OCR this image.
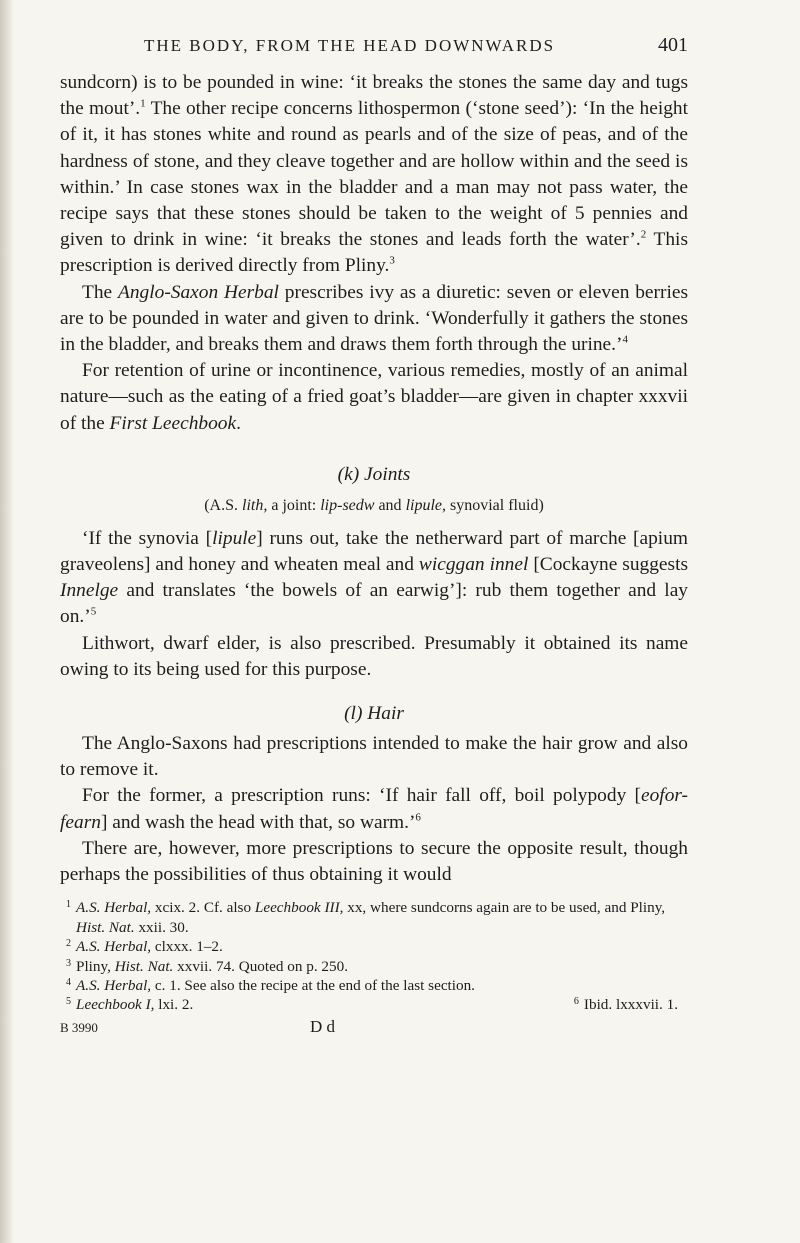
THE BODY, FROM THE HEAD DOWNWARDS	401

sundcorn) is to be pounded in wine: ‘it breaks the stones the same day and tugs the mout’.$^1$ The other recipe concerns lithospermon (‘stone seed’): ‘In the height of it, it has stones white and round as pearls and of the size of peas, and of the hardness of stone, and they cleave together and are hollow within and the seed is within.’ In case stones wax in the bladder and a man may not pass water, the recipe says that these stones should be taken to the weight of 5 pennies and given to drink in wine: ‘it breaks the stones and leads forth the water’.$^2$ This prescription is derived directly from Pliny.$^3$

The Anglo-Saxon Herbal prescribes ivy as a diuretic: seven or eleven berries are to be pounded in water and given to drink. ‘Wonderfully it gathers the stones in the bladder, and breaks them and draws them forth through the urine.’$^4$

For retention of urine or incontinence, various remedies, mostly of an animal nature—such as the eating of a fried goat’s bladder—are given in chapter xxxvii of the First Leechbook.

(k) Joints
(A.S. lith, a joint: lip-sedw and lipule, synovial fluid)

‘If the synovia [lipule] runs out, take the netherward part of marche [apium graveolens] and honey and wheaten meal and wicggan innel [Cockayne suggests Innelge and translates ‘the bowels of an earwig’]: rub them together and lay on.’$^5$

Lithwort, dwarf elder, is also prescribed. Presumably it obtained its name owing to its being used for this purpose.

(l) Hair

The Anglo-Saxons had prescriptions intended to make the hair grow and also to remove it.

For the former, a prescription runs: ‘If hair fall off, boil polypody [eofor-fearn] and wash the head with that, so warm.’$^6$

There are, however, more prescriptions to secure the opposite result, though perhaps the possibilities of thus obtaining it would

1 A.S. Herbal, xcix. 2. Cf. also Leechbook III, xx, where sundcorns again are to be used, and Pliny, Hist. Nat. xxii. 30.
2 A.S. Herbal, clxxx. 1–2.
3 Pliny, Hist. Nat. xxvii. 74. Quoted on p. 250.
4 A.S. Herbal, c. 1. See also the recipe at the end of the last section.
5 Leechbook I, lxi. 2.	6 Ibid. lxxxvii. 1.
B 3990	D d
